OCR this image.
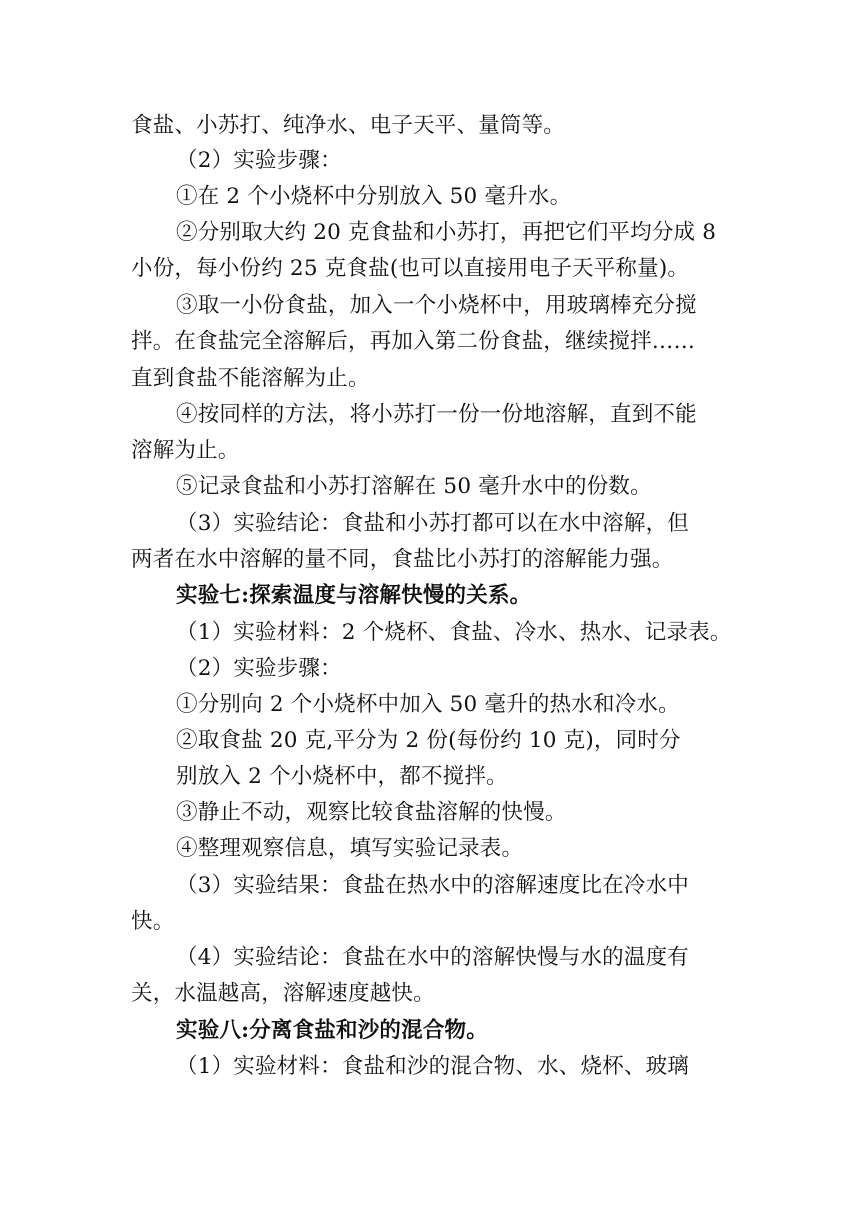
食盐、小苏打、纯净水、电子天平、量筒等。
（2）实验步骤：
①在 2 个小烧杯中分别放入 50 毫升水。
②分别取大约 20 克食盐和小苏打，再把它们平均分成 8
小份，每小份约 25 克食盐(也可以直接用电子天平称量)。
③取一小份食盐，加入一个小烧杯中，用玻璃棒充分搅
拌。在食盐完全溶解后，再加入第二份食盐，继续搅拌……
直到食盐不能溶解为止。
④按同样的方法，将小苏打一份一份地溶解，直到不能
溶解为止。
⑤记录食盐和小苏打溶解在 50 毫升水中的份数。
（3）实验结论：食盐和小苏打都可以在水中溶解，但
两者在水中溶解的量不同，食盐比小苏打的溶解能力强。
实验七:探索温度与溶解快慢的关系。
（1）实验材料：2 个烧杯、食盐、冷水、热水、记录表。
（2）实验步骤：
①分别向 2 个小烧杯中加入 50 毫升的热水和冷水。
②取食盐 20 克,平分为 2 份(每份约 10 克)，同时分
别放入 2 个小烧杯中，都不搅拌。
③静止不动，观察比较食盐溶解的快慢。
④整理观察信息，填写实验记录表。
（3）实验结果：食盐在热水中的溶解速度比在冷水中
快。
（4）实验结论：食盐在水中的溶解快慢与水的温度有
关，水温越高，溶解速度越快。
实验八:分离食盐和沙的混合物。
（1）实验材料：食盐和沙的混合物、水、烧杯、玻璃
